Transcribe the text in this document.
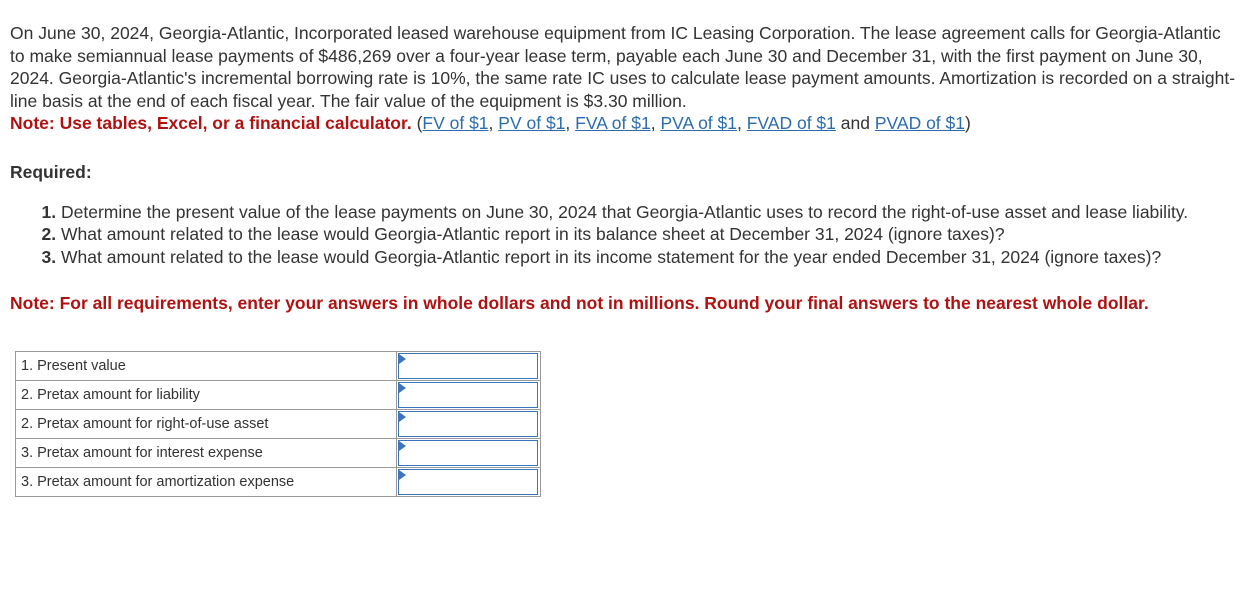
On June 30, 2024, Georgia-Atlantic, Incorporated leased warehouse equipment from IC Leasing Corporation. The lease agreement calls for Georgia-Atlantic to make semiannual lease payments of $486,269 over a four-year lease term, payable each June 30 and December 31, with the first payment on June 30, 2024. Georgia-Atlantic's incremental borrowing rate is 10%, the same rate IC uses to calculate lease payment amounts. Amortization is recorded on a straight-line basis at the end of each fiscal year. The fair value of the equipment is $3.30 million.

Note: Use tables, Excel, or a financial calculator. (FV of $1, PV of $1, FVA of $1, PVA of $1, FVAD of $1 and PVAD of $1)

Required:

1. Determine the present value of the lease payments on June 30, 2024 that Georgia-Atlantic uses to record the right-of-use asset and lease liability.
2. What amount related to the lease would Georgia-Atlantic report in its balance sheet at December 31, 2024 (ignore taxes)?
3. What amount related to the lease would Georgia-Atlantic report in its income statement for the year ended December 31, 2024 (ignore taxes)?
Note: For all requirements, enter your answers in whole dollars and not in millions. Round your final answers to the nearest whole dollar.
1. Present value	

2. Pretax amount for liability	

2. Pretax amount for right-of-use asset	

3. Pretax amount for interest expense	

3. Pretax amount for amortization expense	
